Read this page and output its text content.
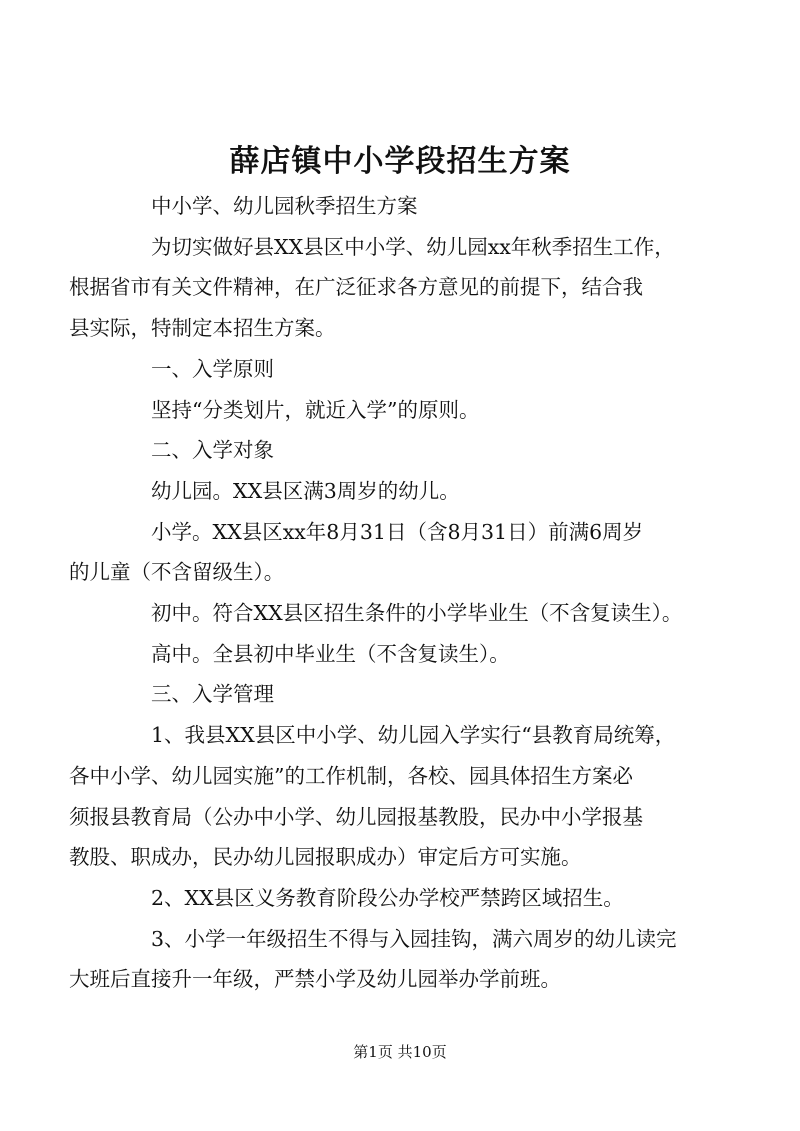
薛店镇中小学段招生方案

中小学、幼儿园秋季招生方案

为切实做好县XX县区中小学、幼儿园xx年秋季招生工作，
根据省市有关文件精神，在广泛征求各方意见的前提下，结合我
县实际，特制定本招生方案。

一、入学原则

坚持“分类划片，就近入学”的原则。

二、入学对象

幼儿园。XX县区满3周岁的幼儿。

小学。XX县区xx年8月31日（含8月31日）前满6周岁
的儿童（不含留级生）。

初中。符合XX县区招生条件的小学毕业生（不含复读生）。

高中。全县初中毕业生（不含复读生）。

三、入学管理

1、我县XX县区中小学、幼儿园入学实行“县教育局统筹，
各中小学、幼儿园实施”的工作机制，各校、园具体招生方案必
须报县教育局（公办中小学、幼儿园报基教股，民办中小学报基
教股、职成办，民办幼儿园报职成办）审定后方可实施。

2、XX县区义务教育阶段公办学校严禁跨区域招生。

3、小学一年级招生不得与入园挂钩，满六周岁的幼儿读完
大班后直接升一年级，严禁小学及幼儿园举办学前班。

第1页 共10页
